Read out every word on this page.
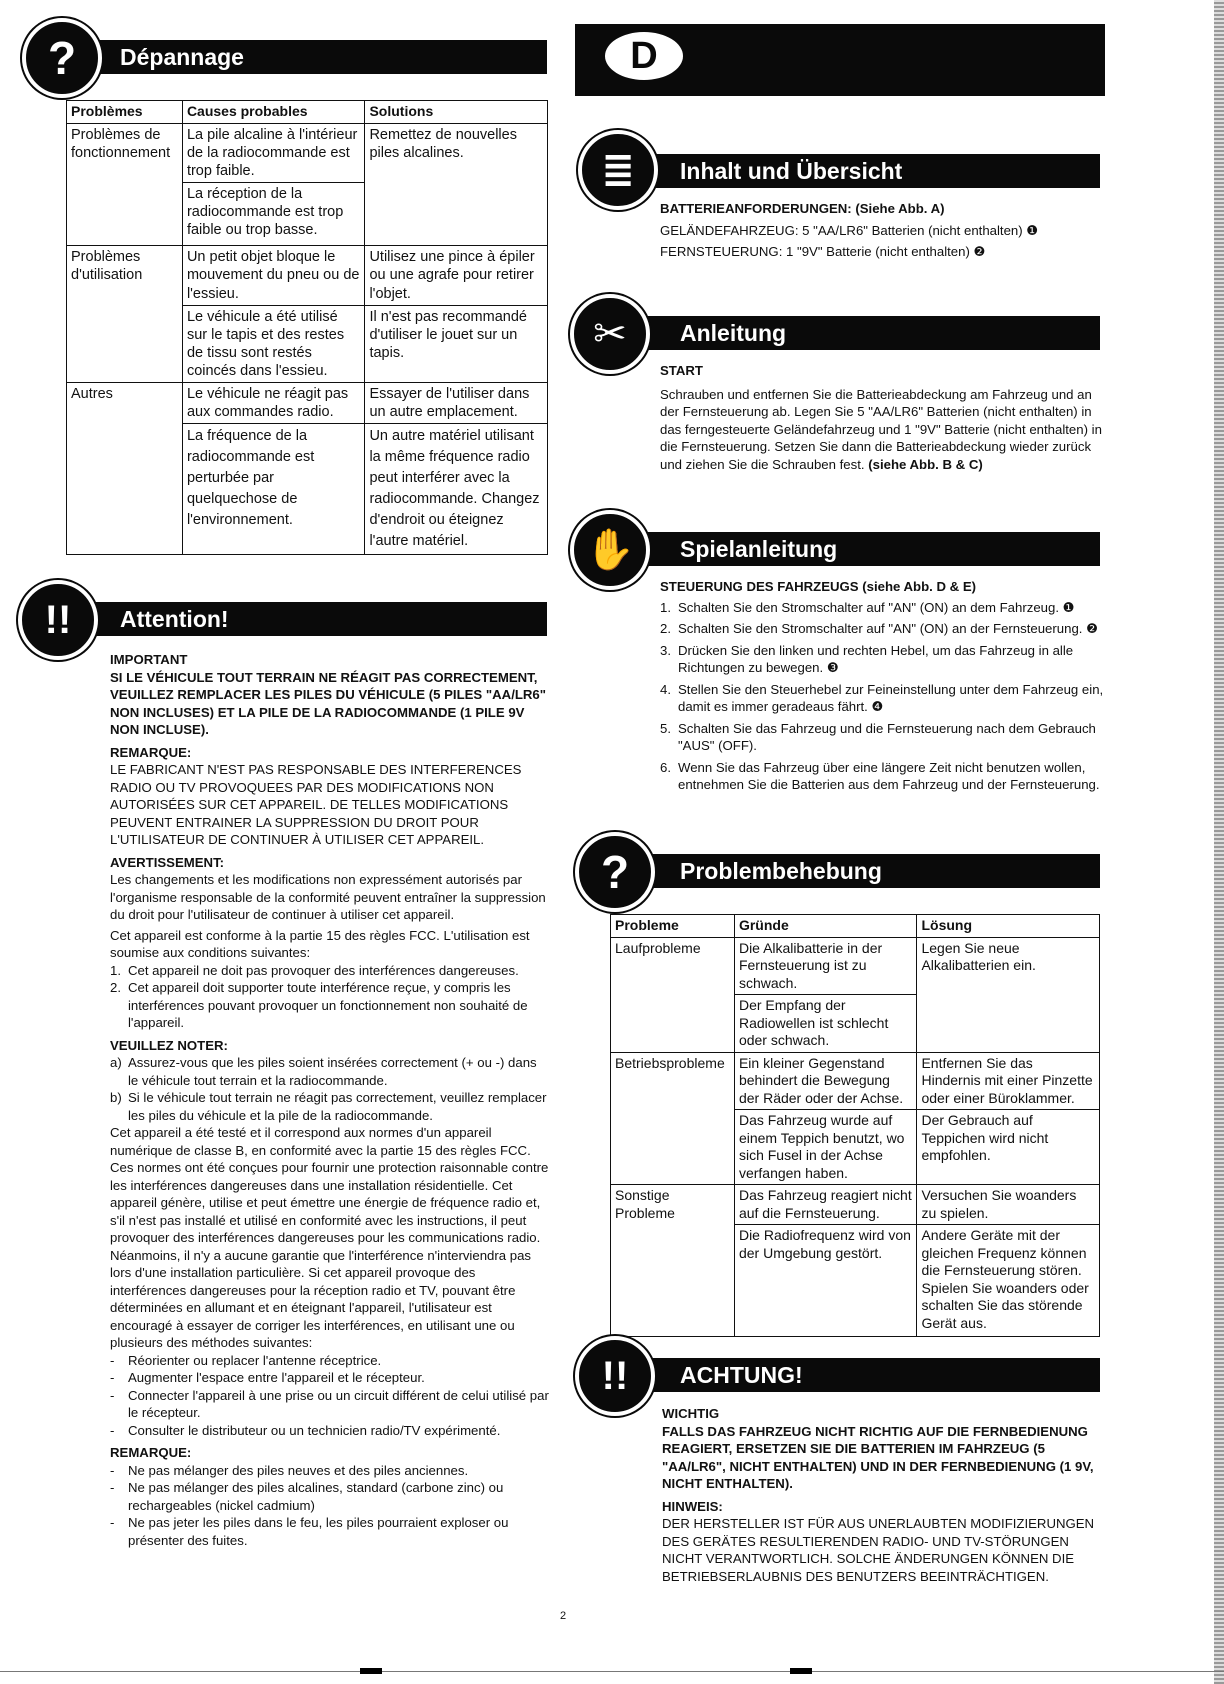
Dépannage
?
Problèmes	Causes probables	Solutions
Problèmes de fonctionnement	La pile alcaline à l'intérieur de la radiocommande est trop faible.	Remettez de nouvelles piles alcalines.
	La réception de la radiocommande est trop faible ou trop basse.	
Problèmes d'utilisation	Un petit objet bloque le mouvement du pneu ou de l'essieu.	Utilisez une pince à épiler ou une agrafe pour retirer l'objet.
	Le véhicule a été utilisé sur le tapis et des restes de tissu sont restés coincés dans l'essieu.	Il n'est pas recommandé d'utiliser le jouet sur un tapis.
Autres	Le véhicule ne réagit pas aux commandes radio.	Essayer de l'utiliser dans un autre emplacement.
	La fréquence de la radiocommande est perturbée par quelquechose de l'environnement.	Un autre matériel utilisant la même fréquence radio peut interférer avec la radiocommande. Changez d'endroit ou éteignez l'autre matériel.
Attention!
!!

IMPORTANT

SI LE VÉHICULE TOUT TERRAIN NE RÉAGIT PAS CORRECTEMENT, VEUILLEZ REMPLACER LES PILES DU VÉHICULE (5 PILES "AA/LR6" NON INCLUSES) ET LA PILE DE LA RADIOCOMMANDE (1 PILE 9V NON INCLUSE).

REMARQUE:

LE FABRICANT N'EST PAS RESPONSABLE DES INTERFERENCES RADIO OU TV PROVOQUEES PAR DES MODIFICATIONS NON AUTORISÉES SUR CET APPAREIL. DE TELLES MODIFICATIONS PEUVENT ENTRAINER LA SUPPRESSION DU DROIT POUR L'UTILISATEUR DE CONTINUER À UTILISER CET APPAREIL.

AVERTISSEMENT:

Les changements et les modifications non expressément autorisés par l'organisme responsable de la conformité peuvent entraîner la suppression du droit pour l'utilisateur de continuer à utiliser cet appareil.

Cet appareil est conforme à la partie 15 des règles FCC. L'utilisation est soumise aux conditions suivantes:

1. Cet appareil ne doit pas provoquer des interférences dangereuses.
2. Cet appareil doit supporter toute interférence reçue, y compris les interférences pouvant provoquer un fonctionnement non souhaité de l'appareil.

VEUILLEZ NOTER:

a) Assurez-vous que les piles soient insérées correctement (+ ou -) dans le véhicule tout terrain et la radiocommande.
b) Si le véhicule tout terrain ne réagit pas correctement, veuillez remplacer les piles du véhicule et la pile de la radiocommande.

Cet appareil a été testé et il correspond aux normes d'un appareil numérique de classe B, en conformité avec la partie 15 des règles FCC. Ces normes ont été conçues pour fournir une protection raisonnable contre les interférences dangereuses dans une installation résidentielle. Cet appareil génère, utilise et peut émettre une énergie de fréquence radio et, s'il n'est pas installé et utilisé en conformité avec les instructions, il peut provoquer des interférences dangereuses pour les communications radio. Néanmoins, il n'y a aucune garantie que l'interférence n'interviendra pas lors d'une installation particulière. Si cet appareil provoque des interférences dangereuses pour la réception radio et TV, pouvant être déterminées en allumant et en éteignant l'appareil, l'utilisateur est encouragé à essayer de corriger les interférences, en utilisant une ou plusieurs des méthodes suivantes:

- Réorienter ou replacer l'antenne réceptrice.
- Augmenter l'espace entre l'appareil et le récepteur.
- Connecter l'appareil à une prise ou un circuit différent de celui utilisé par le récepteur.
- Consulter le distributeur ou un technicien radio/TV expérimenté.

REMARQUE:

- Ne pas mélanger des piles neuves et des piles anciennes.
- Ne pas mélanger des piles alcalines, standard (carbone zinc) ou rechargeables (nickel cadmium)
- Ne pas jeter les piles dans le feu, les piles pourraient exploser ou présenter des fuites.
D
Inhalt und Übersicht
≣

BATTERIEANFORDERUNGEN: (Siehe Abb. A)

GELÄNDEFAHRZEUG: 5 "AA/LR6" Batterien (nicht enthalten) ❶

FERNSTEUERUNG: 1 "9V" Batterie (nicht enthalten) ❷

Anleitung
✂

START

Schrauben und entfernen Sie die Batterieabdeckung am Fahrzeug und an der Fernsteuerung ab. Legen Sie 5 "AA/LR6" Batterien (nicht enthalten) in das ferngesteuerte Geländefahrzeug und 1 "9V" Batterie (nicht enthalten) in die Fernsteuerung. Setzen Sie dann die Batterieabdeckung wieder zurück und ziehen Sie die Schrauben fest. (siehe Abb. B & C)

Spielanleitung
✋

STEUERUNG DES FAHRZEUGS (siehe Abb. D & E)

1. Schalten Sie den Stromschalter auf "AN" (ON) an dem Fahrzeug. ❶
2. Schalten Sie den Stromschalter auf "AN" (ON) an der Fernsteuerung. ❷
3. Drücken Sie den linken und rechten Hebel, um das Fahrzeug in alle Richtungen zu bewegen. ❸
4. Stellen Sie den Steuerhebel zur Feineinstellung unter dem Fahrzeug ein, damit es immer geradeaus fährt. ❹
5. Schalten Sie das Fahrzeug und die Fernsteuerung nach dem Gebrauch "AUS" (OFF).
6. Wenn Sie das Fahrzeug über eine längere Zeit nicht benutzen wollen, entnehmen Sie die Batterien aus dem Fahrzeug und der Fernsteuerung.
Problembehebung
?
Probleme	Gründe	Lösung
Laufprobleme	Die Alkalibatterie in der Fernsteuerung ist zu schwach.	Legen Sie neue Alkalibatterien ein.
	Der Empfang der Radiowellen ist schlecht oder schwach.	
Betriebsprobleme	Ein kleiner Gegenstand behindert die Bewegung der Räder oder der Achse.	Entfernen Sie das Hindernis mit einer Pinzette oder einer Büroklammer.
	Das Fahrzeug wurde auf einem Teppich benutzt, wo sich Fusel in der Achse verfangen haben.	Der Gebrauch auf Teppichen wird nicht empfohlen.
Sonstige Probleme	Das Fahrzeug reagiert nicht auf die Fernsteuerung.	Versuchen Sie woanders zu spielen.
	Die Radiofrequenz wird von der Umgebung gestört.	Andere Geräte mit der gleichen Frequenz können die Fernsteuerung stören. Spielen Sie woanders oder schalten Sie das störende Gerät aus.
ACHTUNG!
!!

WICHTIG

FALLS DAS FAHRZEUG NICHT RICHTIG AUF DIE FERNBEDIENUNG REAGIERT, ERSETZEN SIE DIE BATTERIEN IM FAHRZEUG (5 "AA/LR6", NICHT ENTHALTEN) UND IN DER FERNBEDIENUNG (1 9V, NICHT ENTHALTEN).

HINWEIS:

DER HERSTELLER IST FÜR AUS UNERLAUBTEN MODIFIZIERUNGEN DES GERÄTES RESULTIERENDEN RADIO- UND TV-STÖRUNGEN NICHT VERANTWORTLICH. SOLCHE ÄNDERUNGEN KÖNNEN DIE BETRIEBSERLAUBNIS DES BENUTZERS BEEINTRÄCHTIGEN.

2
